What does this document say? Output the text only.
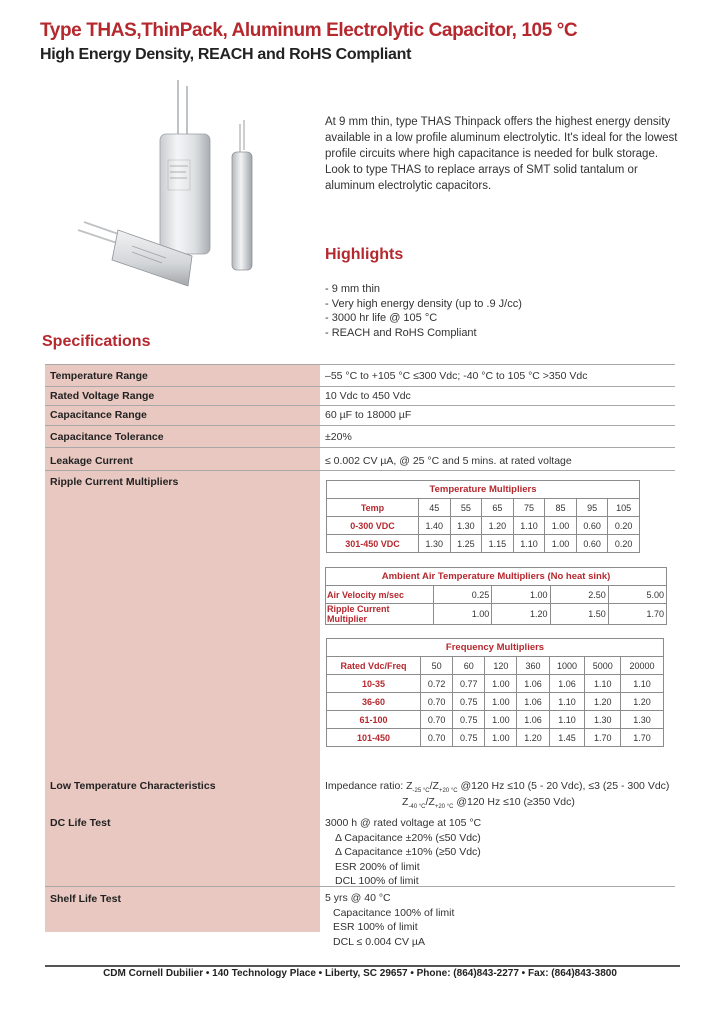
Type THAS,ThinPack, Aluminum Electrolytic Capacitor, 105 °C
High Energy Density, REACH and RoHS Compliant
At 9 mm thin, type THAS Thinpack offers the highest energy density available in a low profile aluminum electrolytic. It's ideal for the lowest profile circuits where high capacitance is needed for bulk storage. Look to type THAS to replace arrays of SMT solid tantalum or aluminum electrolytic capacitors.
Highlights
- 9 mm thin
- Very high energy density (up to .9 J/cc)
- 3000 hr life @ 105 °C
- REACH and RoHS Compliant
Specifications
Temperature Range	–55 °C to +105 °C ≤300 Vdc; -40 °C to 105 °C >350 Vdc
Rated Voltage Range	10 Vdc to 450 Vdc
Capacitance Range	60 µF to 18000 µF
Capacitance Tolerance	±20%
Leakage Current	≤ 0.002 CV µA, @ 25 °C and 5 mins. at rated voltage
Ripple Current Multipliers
Temperature Multipliers							
Temp	45	55	65	75	85	95	105
0-300 VDC	1.40	1.30	1.20	1.10	1.00	0.60	0.20
301-450 VDC	1.30	1.25	1.15	1.10	1.00	0.60	0.20
Ambient Air Temperature Multipliers (No heat sink)				
Air Velocity m/sec	0.25	1.00	2.50	5.00
Ripple Current Multiplier	1.00	1.20	1.50	1.70
Frequency Multipliers							
Rated Vdc/Freq	50	60	120	360	1000	5000	20000
10-35	0.72	0.77	1.00	1.06	1.06	1.10	1.10
36-60	0.70	0.75	1.00	1.06	1.10	1.20	1.20
61-100	0.70	0.75	1.00	1.06	1.10	1.30	1.30
101-450	0.70	0.75	1.00	1.20	1.45	1.70	1.70
Low Temperature Characteristics	Impedance ratio: $Z_{-25 ^\circ C}/Z_{+20 ^\circ C}$ @120 Hz ≤10 (5 - 20 Vdc), ≤3 (25 - 300 Vdc)
$Z_{-40 ^\circ C}/Z_{+20 ^\circ C}$ @120 Hz ≤10 (≥350 Vdc)
DC Life Test	3000 h @ rated voltage at 105 °C
Δ Capacitance ±20% (≤50 Vdc)
Δ Capacitance ±10% (≥50 Vdc)
ESR 200% of limit
DCL 100% of limit
Shelf Life Test	5 yrs @ 40 °C
Capacitance 100% of limit
ESR 100% of limit
DCL ≤ 0.004 CV µA
CDM Cornell Dubilier • 140 Technology Place • Liberty, SC 29657 • Phone: (864)843-2277 • Fax: (864)843-3800
